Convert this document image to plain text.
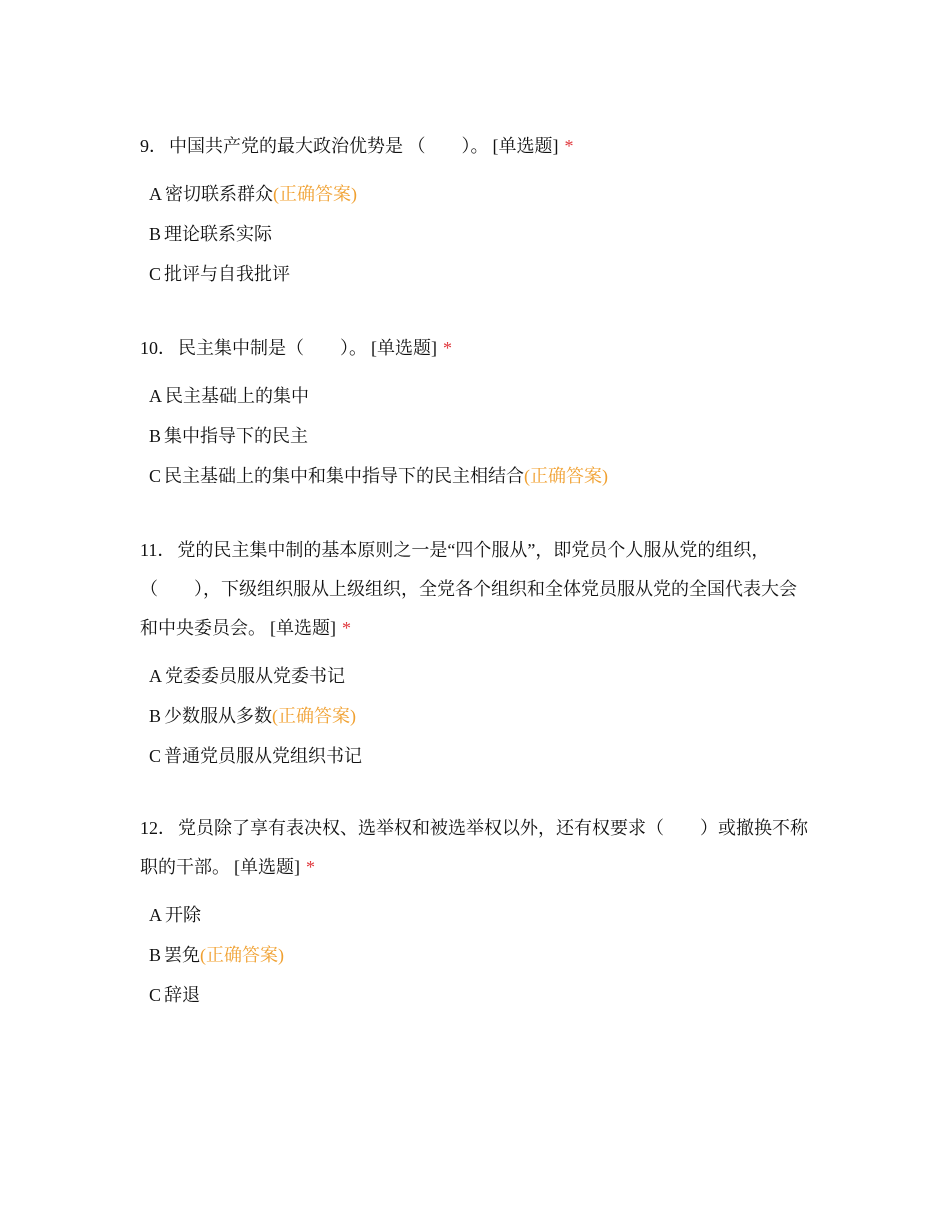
9． 中国共产党的最大政治优势是 （　　）。 [单选题] *

A 密切联系群众(正确答案)
B 理论联系实际
C 批评与自我批评

10． 民主集中制是（　　）。 [单选题] *

A 民主基础上的集中
B 集中指导下的民主
C 民主基础上的集中和集中指导下的民主相结合(正确答案)

11． 党的民主集中制的基本原则之一是“四个服从”，即党员个人服从党的组织，（　　），下级组织服从上级组织，全党各个组织和全体党员服从党的全国代表大会和中央委员会。 [单选题] *

A 党委委员服从党委书记
B 少数服从多数(正确答案)
C 普通党员服从党组织书记

12． 党员除了享有表决权、选举权和被选举权以外，还有权要求（　　）或撤换不称职的干部。 [单选题] *

A 开除
B 罢免(正确答案)
C 辞退
